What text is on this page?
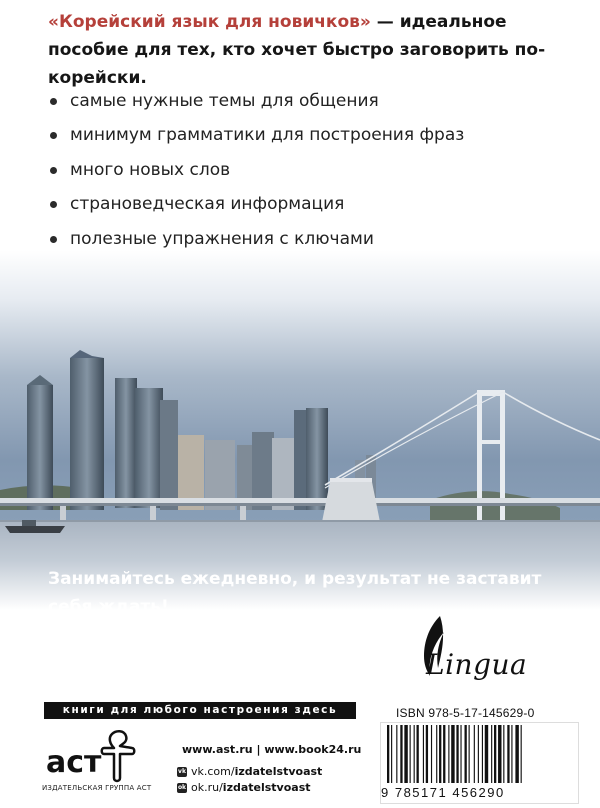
«Корейский язык для новичков» — идеальное пособие для тех, кто хочет быстро заговорить по-корейски.
самые нужные темы для общения
минимум грамматики для построения фраз
много новых слов
страноведческая информация
полезные упражнения с ключами
Занимайтесь ежедневно, и результат не заставит себя ждать!
Lingua
книги для любого настроения здесь
аст
ИЗДАТЕЛЬСКАЯ ГРУППА АСТ
www.ast.ru | www.book24.ru
vk vk.com/ izdatelstvoast
ok ok.ru/ izdatelstvoast
ISBN 978-5-17-145629-0
9 785171 456290
